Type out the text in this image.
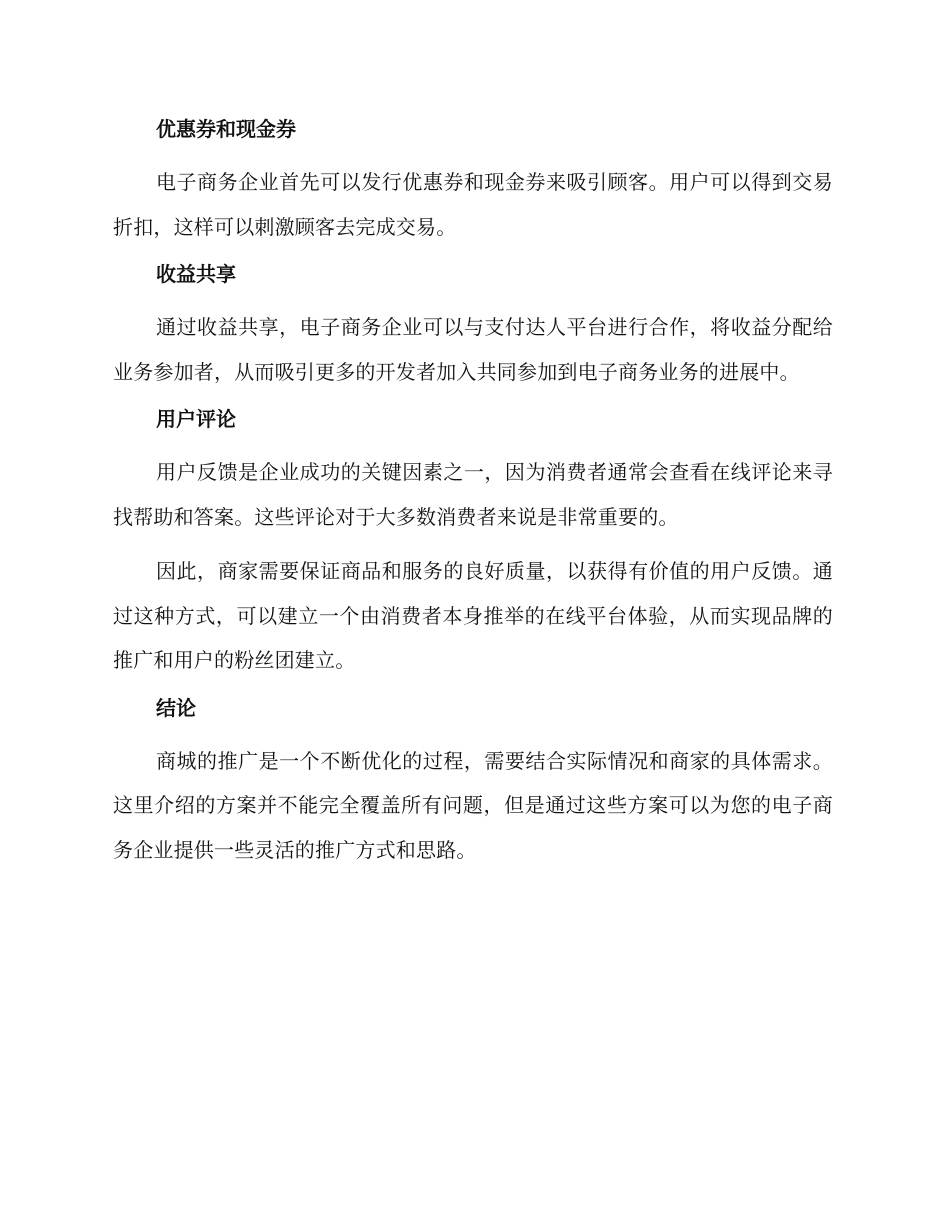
优惠券和现金券

电子商务企业首先可以发行优惠券和现金券来吸引顾客。用户可以得到交易折扣，这样可以刺激顾客去完成交易。

收益共享

通过收益共享，电子商务企业可以与支付达人平台进行合作，将收益分配给业务参加者，从而吸引更多的开发者加入共同参加到电子商务业务的进展中。

用户评论

用户反馈是企业成功的关键因素之一，因为消费者通常会查看在线评论来寻找帮助和答案。这些评论对于大多数消费者来说是非常重要的。

因此，商家需要保证商品和服务的良好质量，以获得有价值的用户反馈。通过这种方式，可以建立一个由消费者本身推举的在线平台体验，从而实现品牌的推广和用户的粉丝团建立。

结论

商城的推广是一个不断优化的过程，需要结合实际情况和商家的具体需求。这里介绍的方案并不能完全覆盖所有问题，但是通过这些方案可以为您的电子商务企业提供一些灵活的推广方式和思路。
